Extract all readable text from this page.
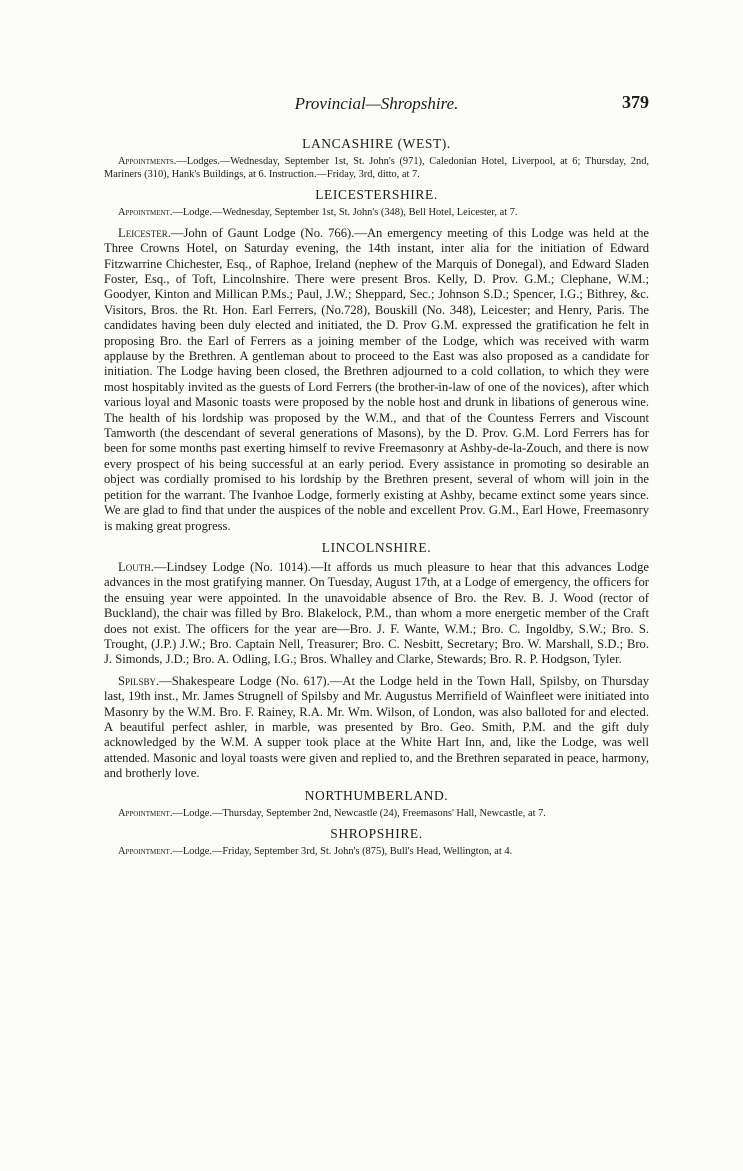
Provincial—Shropshire.	379
LANCASHIRE (WEST).

Appointments.—Lodges.—Wednesday, September 1st, St. John's (971), Caledonian Hotel, Liverpool, at 6; Thursday, 2nd, Mariners (310), Hank's Buildings, at 6. Instruction.—Friday, 3rd, ditto, at 7.

LEICESTERSHIRE.

Appointment.—Lodge.—Wednesday, September 1st, St. John's (348), Bell Hotel, Leicester, at 7.

Leicester.—John of Gaunt Lodge (No. 766).—An emergency meeting of this Lodge was held at the Three Crowns Hotel, on Saturday evening, the 14th instant, inter alia for the initiation of Edward Fitzwarrine Chichester, Esq., of Raphoe, Ireland (nephew of the Marquis of Donegal), and Edward Sladen Foster, Esq., of Toft, Lincolnshire. There were present Bros. Kelly, D. Prov. G.M.; Clephane, W.M.; Goodyer, Kinton and Millican P.Ms.; Paul, J.W.; Sheppard, Sec.; Johnson S.D.; Spencer, I.G.; Bithrey, &c. Visitors, Bros. the Rt. Hon. Earl Ferrers, (No.728), Bouskill (No. 348), Leicester; and Henry, Paris. The candidates having been duly elected and initiated, the D. Prov G.M. expressed the gratification he felt in proposing Bro. the Earl of Ferrers as a joining member of the Lodge, which was received with warm applause by the Brethren. A gentleman about to proceed to the East was also proposed as a candidate for initiation. The Lodge having been closed, the Brethren adjourned to a cold collation, to which they were most hospitably invited as the guests of Lord Ferrers (the brother-in-law of one of the novices), after which various loyal and Masonic toasts were proposed by the noble host and drunk in libations of generous wine. The health of his lordship was proposed by the W.M., and that of the Countess Ferrers and Viscount Tamworth (the descendant of several generations of Masons), by the D. Prov. G.M. Lord Ferrers has for been for some months past exerting himself to revive Freemasonry at Ashby-de-la-Zouch, and there is now every prospect of his being successful at an early period. Every assistance in promoting so desirable an object was cordially promised to his lordship by the Brethren present, several of whom will join in the petition for the warrant. The Ivanhoe Lodge, formerly existing at Ashby, became extinct some years since. We are glad to find that under the auspices of the noble and excellent Prov. G.M., Earl Howe, Freemasonry is making great progress.

LINCOLNSHIRE.

Louth.—Lindsey Lodge (No. 1014).—It affords us much pleasure to hear that this advances Lodge advances in the most gratifying manner. On Tuesday, August 17th, at a Lodge of emergency, the officers for the ensuing year were appointed. In the unavoidable absence of Bro. the Rev. B. J. Wood (rector of Buckland), the chair was filled by Bro. Blakelock, P.M., than whom a more energetic member of the Craft does not exist. The officers for the year are—Bro. J. F. Wante, W.M.; Bro. C. Ingoldby, S.W.; Bro. S. Trought, (J.P.) J.W.; Bro. Captain Nell, Treasurer; Bro. C. Nesbitt, Secretary; Bro. W. Marshall, S.D.; Bro. J. Simonds, J.D.; Bro. A. Odling, I.G.; Bros. Whalley and Clarke, Stewards; Bro. R. P. Hodgson, Tyler.

Spilsby.—Shakespeare Lodge (No. 617).—At the Lodge held in the Town Hall, Spilsby, on Thursday last, 19th inst., Mr. James Strugnell of Spilsby and Mr. Augustus Merrifield of Wainfleet were initiated into Masonry by the W.M. Bro. F. Rainey, R.A. Mr. Wm. Wilson, of London, was also balloted for and elected. A beautiful perfect ashler, in marble, was presented by Bro. Geo. Smith, P.M. and the gift duly acknowledged by the W.M. A supper took place at the White Hart Inn, and, like the Lodge, was well attended. Masonic and loyal toasts were given and replied to, and the Brethren separated in peace, harmony, and brotherly love.

NORTHUMBERLAND.

Appointment.—Lodge.—Thursday, September 2nd, Newcastle (24), Freemasons' Hall, Newcastle, at 7.

SHROPSHIRE.

Appointment.—Lodge.—Friday, September 3rd, St. John's (875), Bull's Head, Wellington, at 4.
